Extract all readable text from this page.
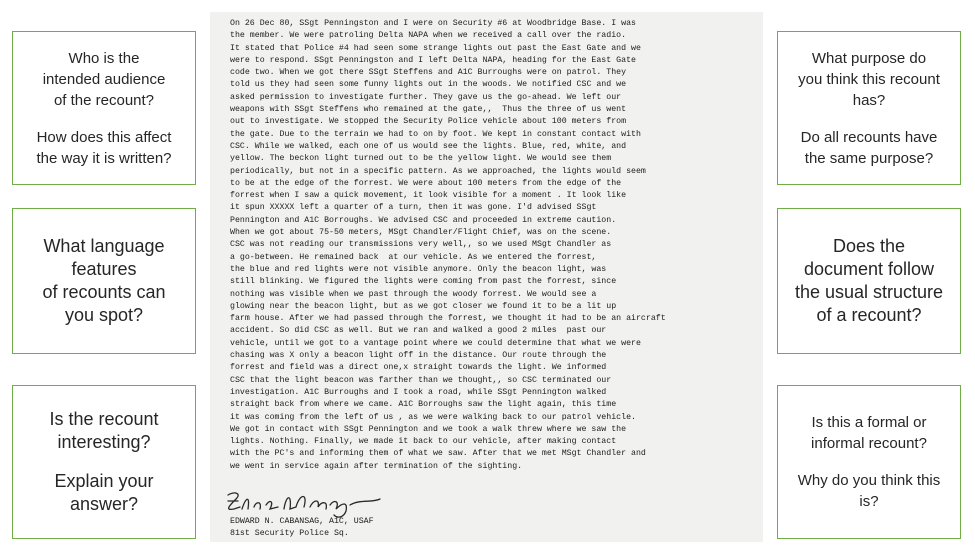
Who is the
intended audience
of the recount?

How does this affect
the way it is written?

What language
features
of recounts can
you spot?

Is the recount
interesting?

Explain your
answer?

On 26 Dec 80, SSgt Penningston and I were on Security #6 at Woodbridge Base. I was
the member. We were patroling Delta NAPA when we received a call over the radio.
It stated that Police #4 had seen some strange lights out past the East Gate and we
were to respond. SSgt Penningston and I left Delta NAPA, heading for the East Gate
code two. When we got there SSgt Steffens and A1C Burroughs were on patrol. They
told us they had seen some funny lights out in the woods. We notified CSC and we
asked permission to investigate further. They gave us the go-ahead. We left our
weapons with SSgt Steffens who remained at the gate,,  Thus the three of us went
out to investigate. We stopped the Security Police vehicle about 100 meters from
the gate. Due to the terrain we had to on by foot. We kept in constant contact with
CSC. While we walked, each one of us would see the lights. Blue, red, white, and
yellow. The beckon light turned out to be the yellow light. We would see them
periodically, but not in a specific pattern. As we approached, the lights would seem
to be at the edge of the forrest. We were about 100 meters from the edge of the
forrest when I saw a quick movement, it look visible for a moment . It look like
it spun XXXXX left a quarter of a turn, then it was gone. I'd advised SSgt
Pennington and A1C Borroughs. We advised CSC and proceeded in extreme caution.
When we got about 75-50 meters, MSgt Chandler/Flight Chief, was on the scene.
CSC was not reading our transmissions very well,, so we used MSgt Chandler as
a go-between. He remained back  at our vehicle. As we entered the forrest,
the blue and red lights were not visible anymore. Only the beacon light, was
still blinking. We figured the lights were coming from past the forrest, since
nothing was visible when we past through the woody forrest. We would see a
glowing near the beacon light, but as we got closer we found it to be a lit up
farm house. After we had passed through the forrest, we thought it had to be an aircraft
accident. So did CSC as well. But we ran and walked a good 2 miles  past our
vehicle, until we got to a vantage point where we could determine that what we were
chasing was X only a beacon light off in the distance. Our route through the
forrest and field was a direct one,x straight towards the light. We informed
CSC that the light beacon was farther than we thought,, so CSC terminated our
investigation. A1C Burroughs and I took a road, while SSgt Pennington walked
straight back from where we came. A1C Borroughs saw the light again, this time
it was coming from the left of us , as we were walking back to our patrol vehicle.
We got in contact with SSgt Pennington and we took a walk threw where we saw the
lights. Nothing. Finally, we made it back to our vehicle, after making contact
with the PC's and informing them of what we saw. After that we met MSgt Chandler and
we went in service again after termination of the sighting.

EDWARD N. CABANSAG, A1C, USAF

81st Security Police Sq.

What purpose do
you think this recount
has?

Do all recounts have
the same purpose?

Does the
document follow
the usual structure
of a recount?

Is this a formal or
informal recount?

Why do you think this
is?
